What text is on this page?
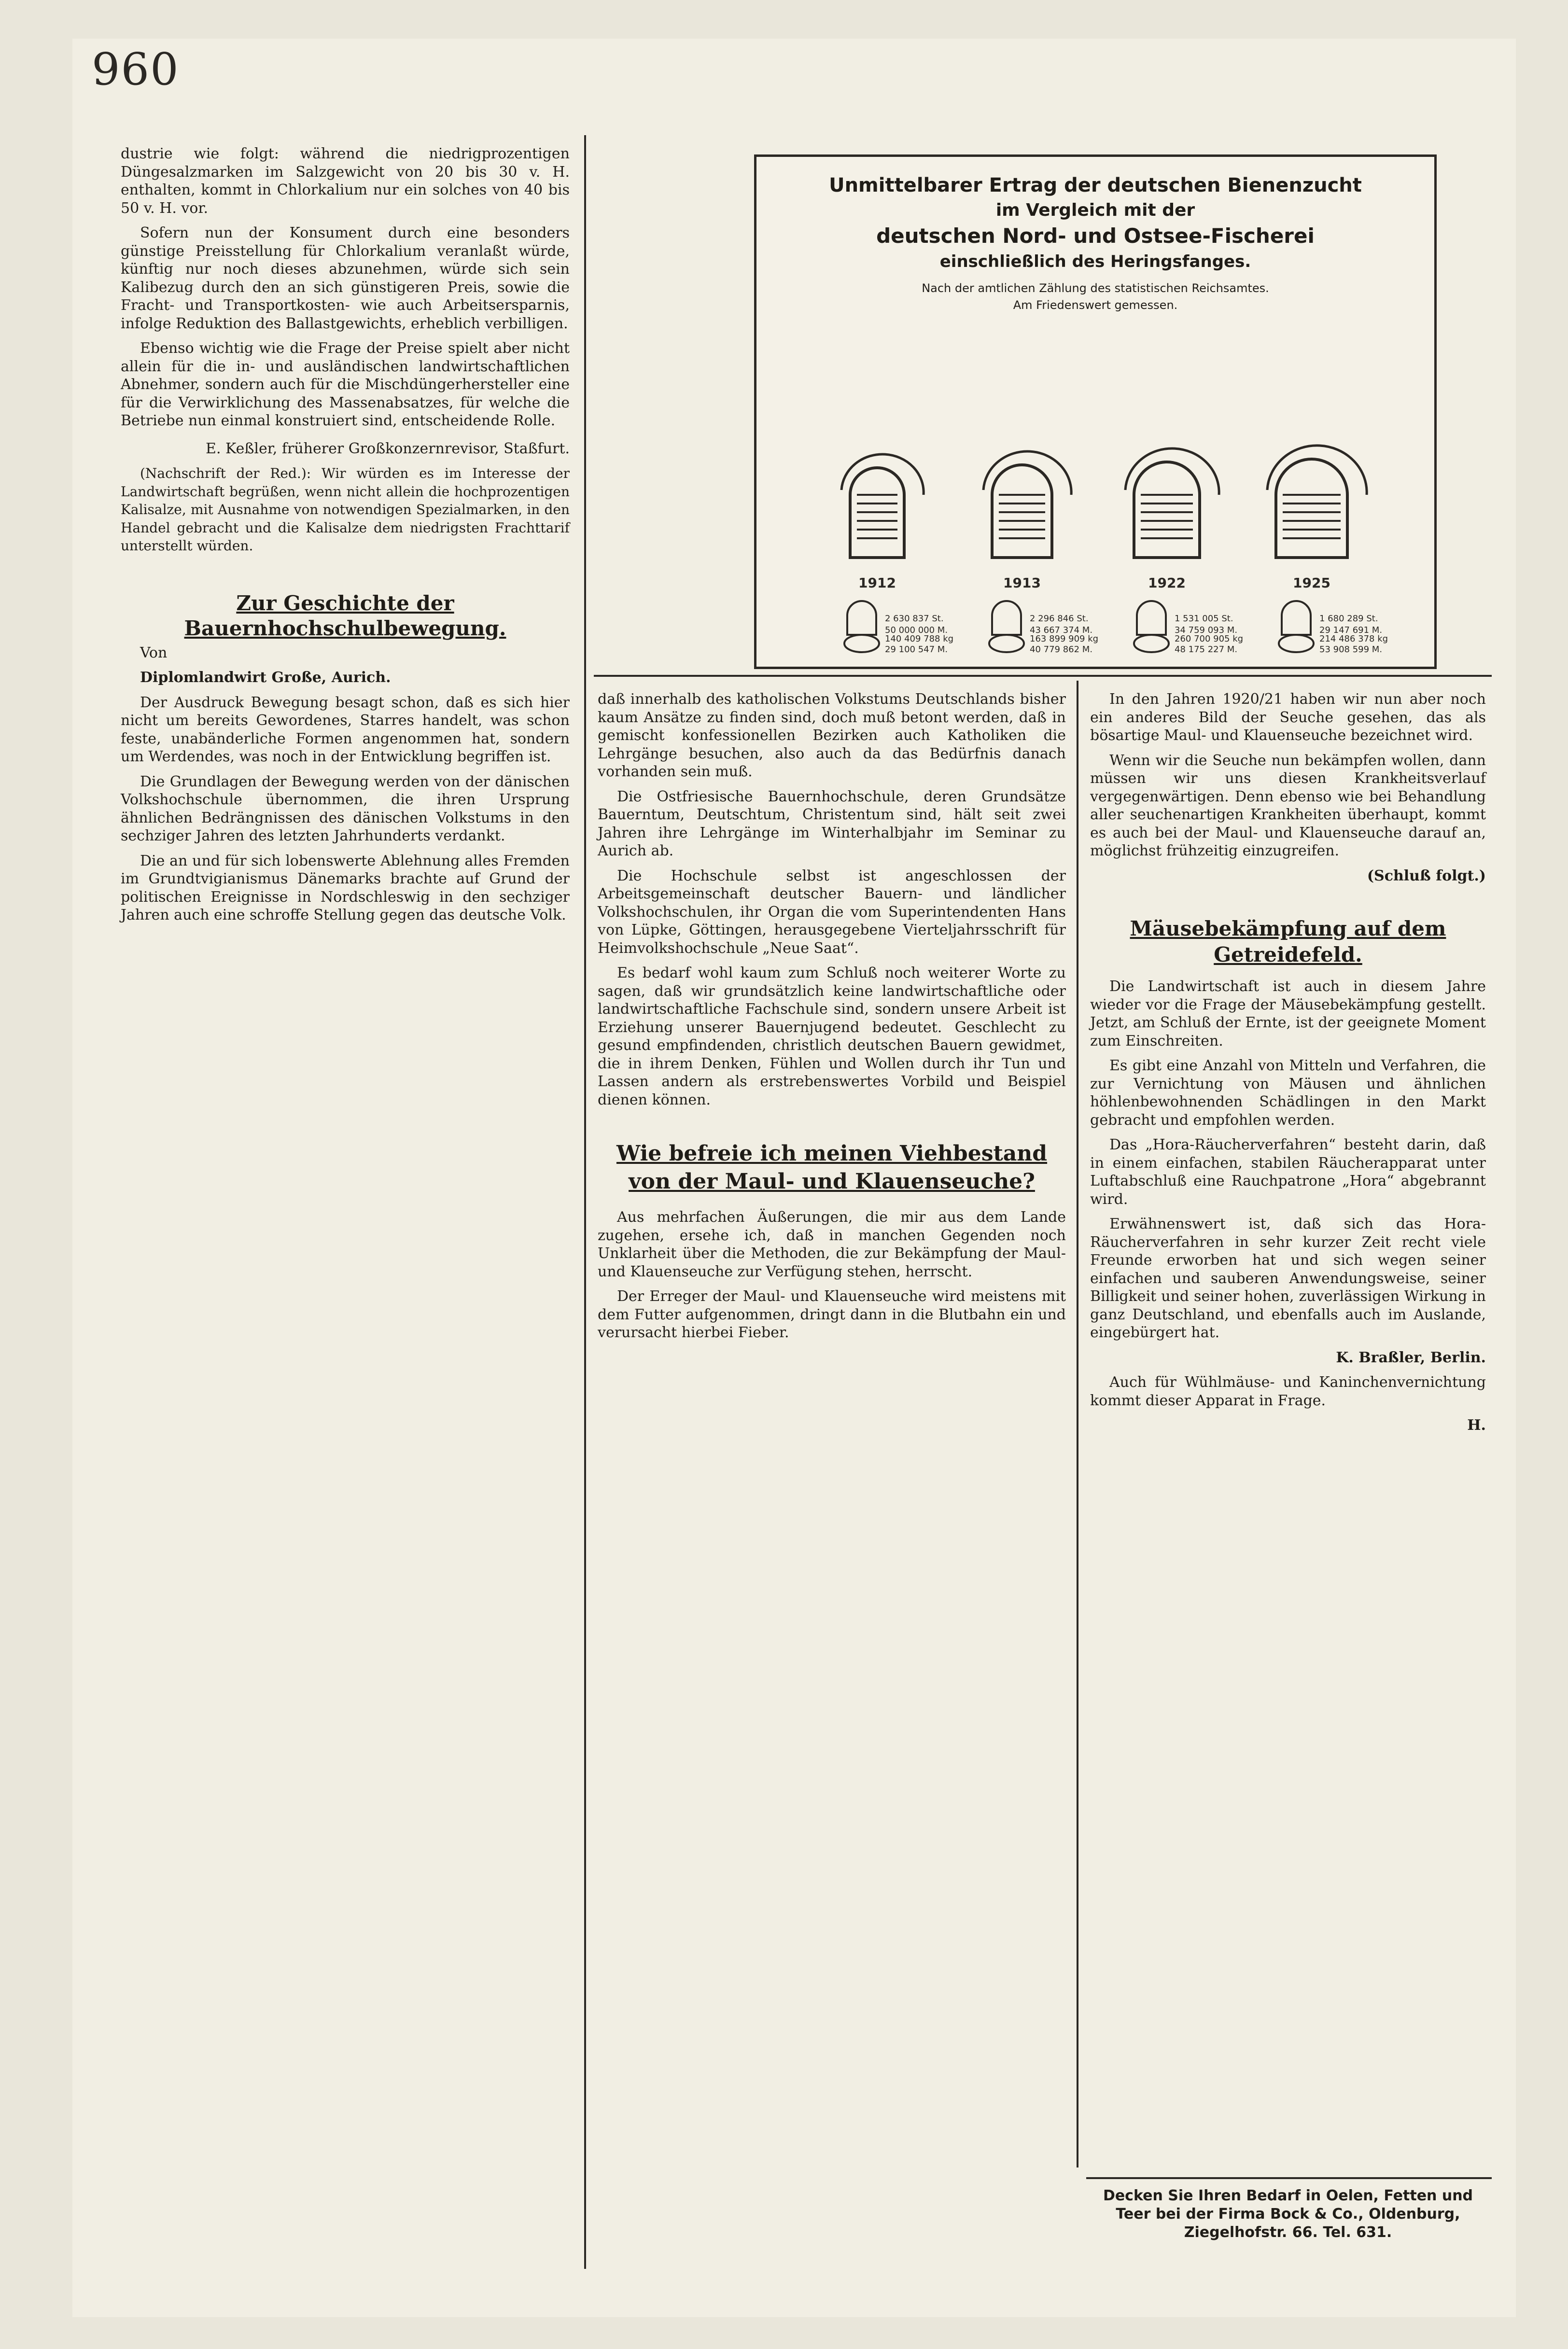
960

dustrie wie folgt: während die niedrigprozentigen Düngesalzmarken im Salzgewicht von 20 bis 30 v. H. enthalten, kommt in Chlorkalium nur ein solches von 40 bis 50 v. H. vor.

Sofern nun der Konsument durch eine besonders günstige Preisstellung für Chlorkalium veranlaßt würde, künftig nur noch dieses abzunehmen, würde sich sein Kalibezug durch den an sich günstigeren Preis, sowie die Fracht- und Transportkosten- wie auch Arbeitsersparnis, infolge Reduktion des Ballastgewichts, erheblich verbilligen.

Ebenso wichtig wie die Frage der Preise spielt aber nicht allein für die in- und ausländischen landwirtschaftlichen Abnehmer, sondern auch für die Mischdüngerhersteller eine für die Verwirklichung des Massenabsatzes, für welche die Betriebe nun einmal konstruiert sind, entscheidende Rolle.

E. Keßler, früherer Großkonzernrevisor, Staßfurt.

(Nachschrift der Red.): Wir würden es im Interesse der Landwirtschaft begrüßen, wenn nicht allein die hochprozentigen Kalisalze, mit Ausnahme von notwendigen Spezialmarken, in den Handel gebracht und die Kalisalze dem niedrigsten Frachttarif unterstellt würden.

Zur Geschichte der Bauernhochschulbewegung.

Von

Diplomlandwirt Große, Aurich.

Der Ausdruck Bewegung besagt schon, daß es sich hier nicht um bereits Gewordenes, Starres handelt, was schon feste, unabänderliche Formen angenommen hat, sondern um Werdendes, was noch in der Entwicklung begriffen ist.

Die Grundlagen der Bewegung werden von der dänischen Volkshochschule übernommen, die ihren Ursprung ähnlichen Bedrängnissen des dänischen Volkstums in den sechziger Jahren des letzten Jahrhunderts verdankt.

Die an und für sich lobenswerte Ablehnung alles Fremden im Grundtvigianismus Dänemarks brachte auf Grund der politischen Ereignisse in Nordschleswig in den sechziger Jahren auch eine schroffe Stellung gegen das deutsche Volk.

Unmittelbarer Ertrag der deutschen Bienenzucht

im Vergleich mit der

deutschen Nord- und Ostsee-Fischerei

einschließlich des Heringsfanges.

Nach der amtlichen Zählung des statistischen Reichsamtes.

Am Friedenswert gemessen.

1912
2 630 837 St.
50 000 000 M.
140 409 788 kg
29 100 547 M.
1913
2 296 846 St.
43 667 374 M.
163 899 909 kg
40 779 862 M.
1922
1 531 005 St.
34 759 093 M.
260 700 905 kg
48 175 227 M.
1925
1 680 289 St.
29 147 691 M.
214 486 378 kg
53 908 599 M.

daß innerhalb des katholischen Volkstums Deutschlands bisher kaum Ansätze zu finden sind, doch muß betont werden, daß in gemischt konfessionellen Bezirken auch Katholiken die Lehrgänge besuchen, also auch da das Bedürfnis danach vorhanden sein muß.

Die Ostfriesische Bauernhochschule, deren Grundsätze Bauerntum, Deutschtum, Christentum sind, hält seit zwei Jahren ihre Lehrgänge im Winterhalbjahr im Seminar zu Aurich ab.

Die Hochschule selbst ist angeschlossen der Arbeitsgemeinschaft deutscher Bauern- und ländlicher Volkshochschulen, ihr Organ die vom Superintendenten Hans von Lüpke, Göttingen, herausgegebene Vierteljahrsschrift für Heimvolkshochschule „Neue Saat“.

Es bedarf wohl kaum zum Schluß noch weiterer Worte zu sagen, daß wir grundsätzlich keine landwirtschaftliche oder landwirtschaftliche Fachschule sind, sondern unsere Arbeit ist Erziehung unserer Bauernjugend bedeutet. Geschlecht zu gesund empfindenden, christlich deutschen Bauern gewidmet, die in ihrem Denken, Fühlen und Wollen durch ihr Tun und Lassen andern als erstrebenswertes Vorbild und Beispiel dienen können.

Wie befreie ich meinen Viehbestand von der Maul- und Klauenseuche?

Aus mehrfachen Äußerungen, die mir aus dem Lande zugehen, ersehe ich, daß in manchen Gegenden noch Unklarheit über die Methoden, die zur Bekämpfung der Maul- und Klauenseuche zur Verfügung stehen, herrscht.

Der Erreger der Maul- und Klauenseuche wird meistens mit dem Futter aufgenommen, dringt dann in die Blutbahn ein und verursacht hierbei Fieber.

In den Jahren 1920/21 haben wir nun aber noch ein anderes Bild der Seuche gesehen, das als bösartige Maul- und Klauenseuche bezeichnet wird.

Wenn wir die Seuche nun bekämpfen wollen, dann müssen wir uns diesen Krankheitsverlauf vergegenwärtigen. Denn ebenso wie bei Behandlung aller seuchenartigen Krankheiten überhaupt, kommt es auch bei der Maul- und Klauenseuche darauf an, möglichst frühzeitig einzugreifen.

(Schluß folgt.)

Mäusebekämpfung auf dem Getreidefeld.

Die Landwirtschaft ist auch in diesem Jahre wieder vor die Frage der Mäusebekämpfung gestellt. Jetzt, am Schluß der Ernte, ist der geeignete Moment zum Einschreiten.

Es gibt eine Anzahl von Mitteln und Verfahren, die zur Vernichtung von Mäusen und ähnlichen höhlenbewohnenden Schädlingen in den Markt gebracht und empfohlen werden.

Das „Hora-Räucherverfahren“ besteht darin, daß in einem einfachen, stabilen Räucherapparat unter Luftabschluß eine Rauchpatrone „Hora“ abgebrannt wird.

Erwähnenswert ist, daß sich das Hora-Räucherverfahren in sehr kurzer Zeit recht viele Freunde erworben hat und sich wegen seiner einfachen und sauberen Anwendungsweise, seiner Billigkeit und seiner hohen, zuverlässigen Wirkung in ganz Deutschland, und ebenfalls auch im Auslande, eingebürgert hat.

K. Braßler, Berlin.

Auch für Wühlmäuse- und Kaninchenvernichtung kommt dieser Apparat in Frage.

H.

Decken Sie Ihren Bedarf in Oelen, Fetten und Teer bei der Firma Bock & Co., Oldenburg, Ziegelhofstr. 66. Tel. 631.
